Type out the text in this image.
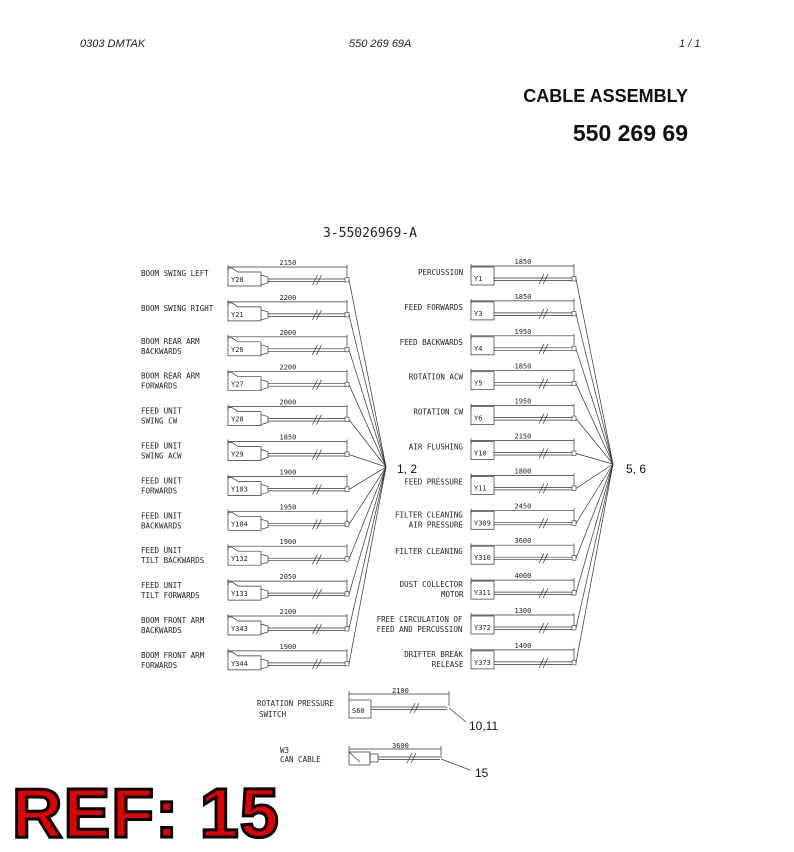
0303 DMTAK	550 269 69A	1 / 1
CABLE ASSEMBLY
550 269 69
3-55026969-A
BOOM SWING LEFT
Y20
2150
BOOM SWING RIGHT
Y21
2200
BOOM REAR ARM
BACKWARDS	Y26
2000
BOOM REAR ARM
FORWARDS	Y27
2200
FEED UNIT
SWING CW	Y28
2000
FEED UNIT
SWING ACW	Y29
1850
FEED UNIT
FORWARDS	Y103
1900
FEED UNIT
BACKWARDS	Y104
1950
FEED UNIT
TILT BACKWARDS	Y132
1900
FEED UNIT
TILT FORWARDS	Y133
2050
BOOM FRONT ARM
BACKWARDS	Y343
2100
BOOM FRONT ARM
FORWARDS	Y344
1900
PERCUSSION
Y1
1850
FEED FORWARDS
Y3
1850
FEED BACKWARDS
Y4
1950
ROTATION ACW
Y5
1850
ROTATION CW
Y6
1950
AIR FLUSHING
Y10
2150
FEED PRESSURE
Y11
1800
FILTER CLEANING
AIR PRESSURE Y309
2450
FILTER CLEANING
Y310
3600
DUST COLLECTOR
MOTOR Y311
4000
FREE CIRCULATION OF
FEED AND PERCUSSION Y372
1300
DRIFTER BREAK
RELEASE Y373
1400
ROTATION PRESSURE
SWITCH	S60
2100
W3
CAN CABLE
3600
1, 2	5, 6
10,11
15
REF: 15
